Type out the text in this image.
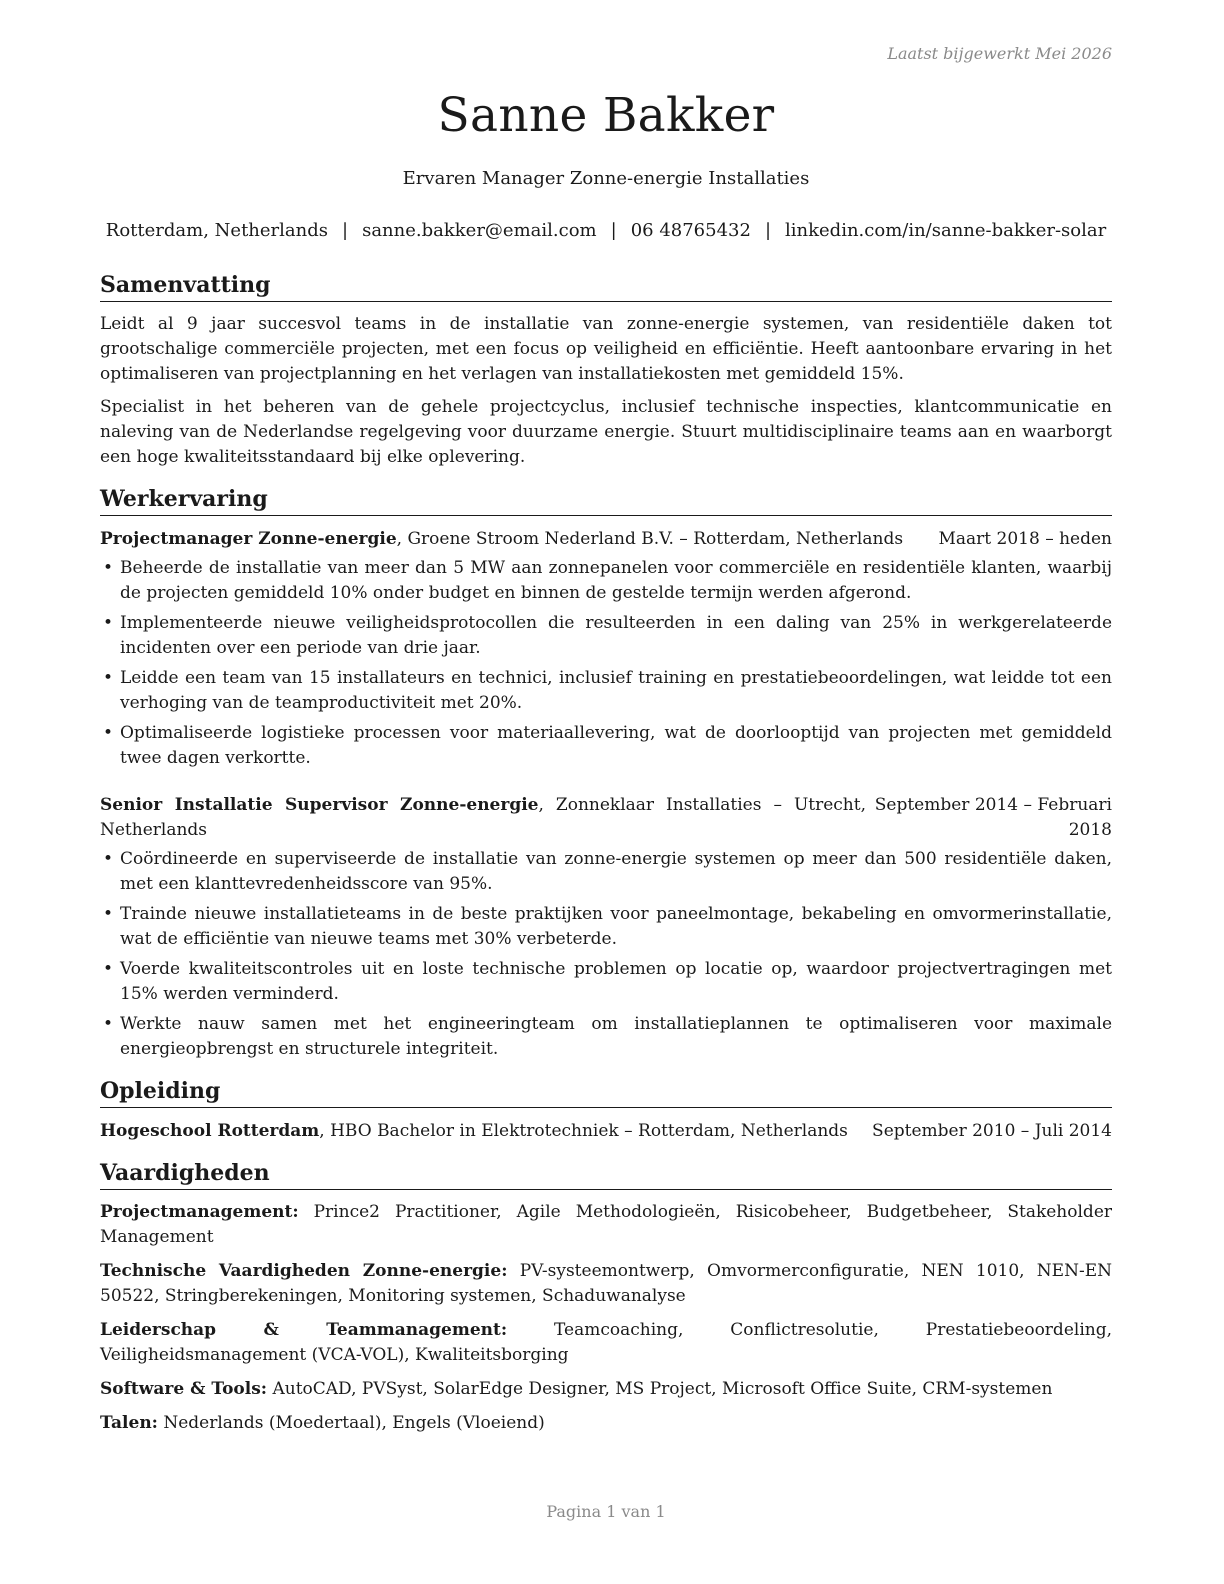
Laatst bijgewerkt Mei 2026
Sanne Bakker
Ervaren Manager Zonne-energie Installaties
Rotterdam, Netherlands | sanne.bakker@email.com | 06 48765432 | linkedin.com/in/sanne-bakker-solar
Samenvatting

Leidt al 9 jaar succesvol teams in de installatie van zonne-energie systemen, van residentiële daken tot grootschalige commerciële projecten, met een focus op veiligheid en efficiëntie. Heeft aantoonbare ervaring in het optimaliseren van projectplanning en het verlagen van installatiekosten met gemiddeld 15%.

Specialist in het beheren van de gehele projectcyclus, inclusief technische inspecties, klantcommunicatie en naleving van de Nederlandse regelgeving voor duurzame energie. Stuurt multidisciplinaire teams aan en waarborgt een hoge kwaliteitsstandaard bij elke oplevering.

Werkervaring
Projectmanager Zonne-energie, Groene Stroom Nederland B.V. – Rotterdam, Netherlands	Maart 2018 – heden
• Beheerde de installatie van meer dan 5 MW aan zonnepanelen voor commerciële en residentiële klanten, waarbij de projecten gemiddeld 10% onder budget en binnen de gestelde termijn werden afgerond.
• Implementeerde nieuwe veiligheidsprotocollen die resulteerden in een daling van 25% in werkgerelateerde incidenten over een periode van drie jaar.
• Leidde een team van 15 installateurs en technici, inclusief training en prestatiebeoordelingen, wat leidde tot een verhoging van de teamproductiviteit met 20%.
• Optimaliseerde logistieke processen voor materiaallevering, wat de doorlooptijd van projecten met gemiddeld twee dagen verkortte.
Senior Installatie Supervisor Zonne-energie, Zonneklaar Installaties – Utrecht, Netherlands
September 2014 – Februari 2018
• Coördineerde en superviseerde de installatie van zonne-energie systemen op meer dan 500 residentiële daken, met een klanttevredenheidsscore van 95%.
• Trainde nieuwe installatieteams in de beste praktijken voor paneelmontage, bekabeling en omvormerinstallatie, wat de efficiëntie van nieuwe teams met 30% verbeterde.
• Voerde kwaliteitscontroles uit en loste technische problemen op locatie op, waardoor projectvertragingen met 15% werden verminderd.
• Werkte nauw samen met het engineeringteam om installatieplannen te optimaliseren voor maximale energieopbrengst en structurele integriteit.
Opleiding
Hogeschool Rotterdam, HBO Bachelor in Elektrotechniek – Rotterdam, Netherlands	September 2010 – Juli 2014
Vaardigheden
Projectmanagement: Prince2 Practitioner, Agile Methodologieën, Risicobeheer, Budgetbeheer, Stakeholder Management
Technische Vaardigheden Zonne-energie: PV-systeemontwerp, Omvormerconfiguratie, NEN 1010, NEN-EN 50522, Stringberekeningen, Monitoring systemen, Schaduwanalyse
Leiderschap & Teammanagement: Teamcoaching, Conflictresolutie, Prestatiebeoordeling, Veiligheidsmanagement (VCA-VOL), Kwaliteitsborging
Software & Tools: AutoCAD, PVSyst, SolarEdge Designer, MS Project, Microsoft Office Suite, CRM-systemen
Talen: Nederlands (Moedertaal), Engels (Vloeiend)
Pagina 1 van 1
